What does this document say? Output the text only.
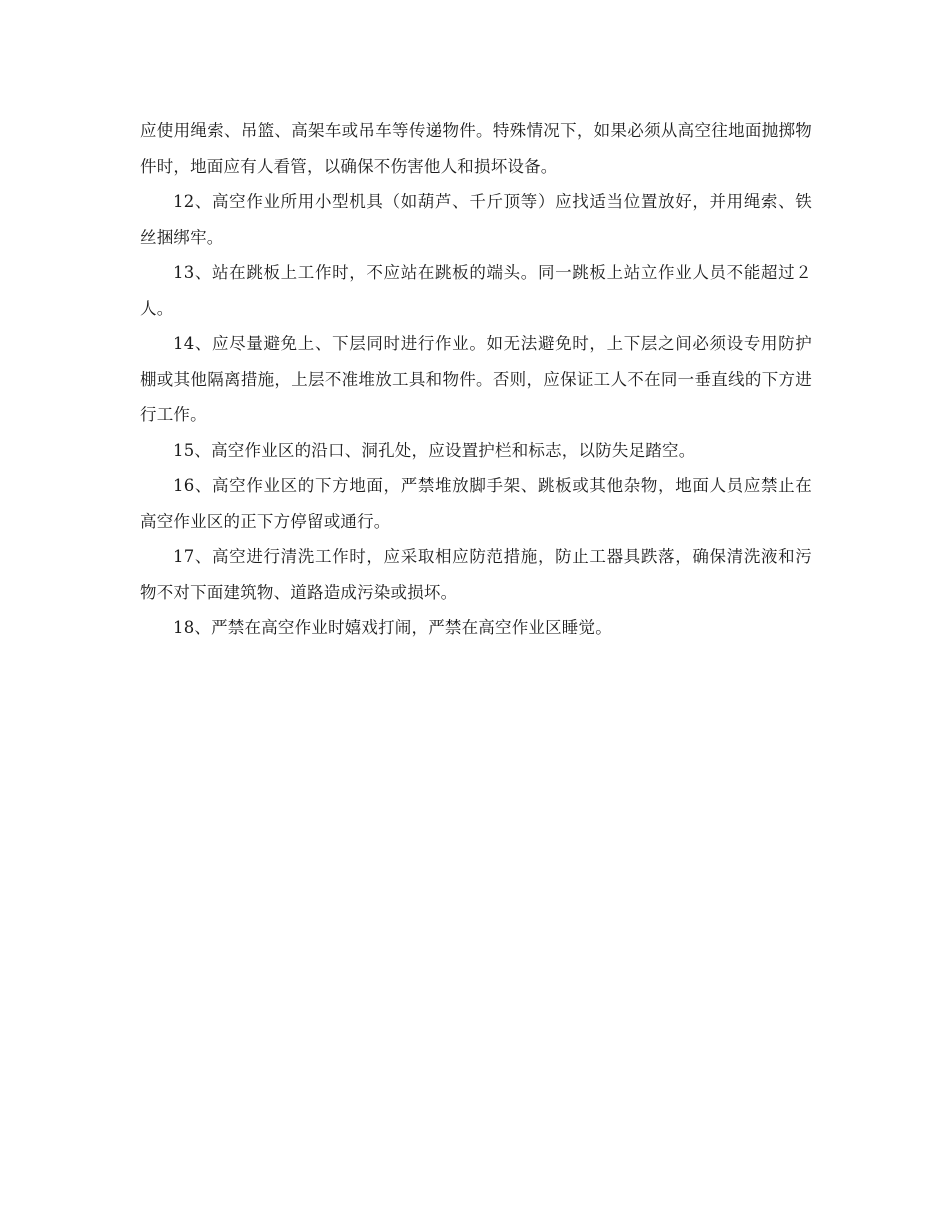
应使用绳索、吊篮、高架车或吊车等传递物件。特殊情况下，如果必须从高空往地面抛掷物件时，地面应有人看管，以确保不伤害他人和损坏设备。

12、高空作业所用小型机具（如葫芦、千斤顶等）应找适当位置放好，并用绳索、铁丝捆绑牢。

13、站在跳板上工作时，不应站在跳板的端头。同一跳板上站立作业人员不能超过２人。

14、应尽量避免上、下层同时进行作业。如无法避免时，上下层之间必须设专用防护棚或其他隔离措施，上层不准堆放工具和物件。否则，应保证工人不在同一垂直线的下方进行工作。

15、高空作业区的沿口、洞孔处，应设置护栏和标志，以防失足踏空。

16、高空作业区的下方地面，严禁堆放脚手架、跳板或其他杂物，地面人员应禁止在高空作业区的正下方停留或通行。

17、高空进行清洗工作时，应采取相应防范措施，防止工器具跌落，确保清洗液和污物不对下面建筑物、道路造成污染或损坏。

18、严禁在高空作业时嬉戏打闹，严禁在高空作业区睡觉。
